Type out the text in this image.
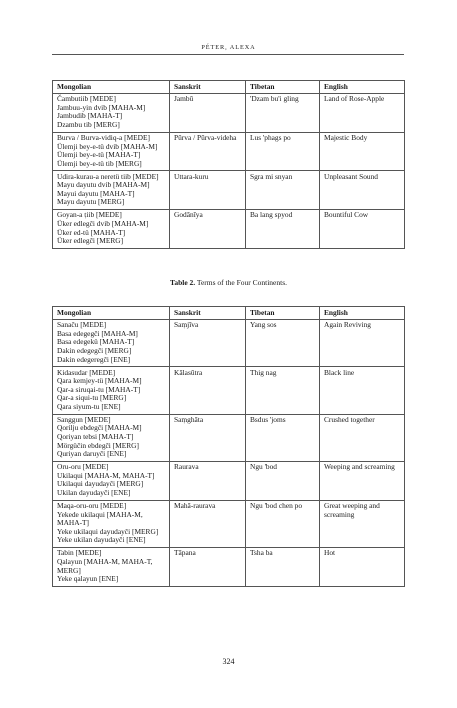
PÉTER, ALEXA
Mongolian	Sanskrit	Tibetan	English

Čambutiib [MEDE]
Jambuu-yin dvib [MAHA-M]
Jambudib [MAHA-T]
Dzambu tib [MERG]	Jambū	'Dzam bu'i gling	Land of Rose-Apple

Burva / Burva-vidiq-a [MEDE]
Ülemji bey-e-tü dvib [MAHA-M]
Ülemji bey-e-tü [MAHA-T]
Ülemji bey-e-tü tib [MERG]	Pūrva / Pūrva-videha	Lus 'phags po	Majestic Body

Udira-kurau-a neretü tiib [MEDE]
Mayu dayutu dvib [MAHA-M]
Mayui dayutu [MAHA-T]
Mayu dayutu [MERG]	Uttara-kuru	Sgra mi snyan	Unpleasant Sound

Goyan-a ṭiib [MEDE]
Üker edlegči dvib [MAHA-M]
Üker ed-tü [MAHA-T]
Üker edlegči [MERG]	Godānīya	Ba lang spyod	Bountiful Cow
Table 2. Terms of the Four Continents.
Mongolian	Sanskrit	Tibetan	English

Sanaču [MEDE]
Basa edegegči [MAHA-M]
Basa edegekü [MAHA-T]
Dakin edegegči [MERG]
Dakin edegeregči [ENE]	Saṃjīva	Yang sos	Again Reviving

Kidasudar [MEDE]
Qara kemjey-tü [MAHA-M]
Qar-a siruqai-tu [MAHA-T]
Qar-a siqui-tu [MERG]
Qara siyum-tu [ENE]	Kālasūtra	Thig nag	Black line

Sanggun [MEDE]
Qorilju ebdegči [MAHA-M]
Qoriyan tebsi [MAHA-T]
Mörgüčin ebdegči [MERG]
Quriyan daruyči [ENE]	Saṃghāta	Bsdus 'joms	Crushed together

Oru-oru [MEDE]
Ukilaqui [MAHA-M, MAHA-T]
Ukilaqui dayudayči [MERG]
Ukilan dayudayči [ENE]	Raurava	Ngu 'bod	Weeping and screaming

Maqa-oru-oru [MEDE]
Yekede ukilaqui [MAHA-M, MAHA-T]
Yeke ukilaqui dayudayči [MERG]
Yeke ukilan dayudayči [ENE]	Mahā-raurava	Ngu 'bod chen po	Great weeping and screaming

Tabin [MEDE]
Qalayun [MAHA-M, MAHA-T, MERG]
Yeke qalayun [ENE]	Tāpana	Tsha ba	Hot
324
